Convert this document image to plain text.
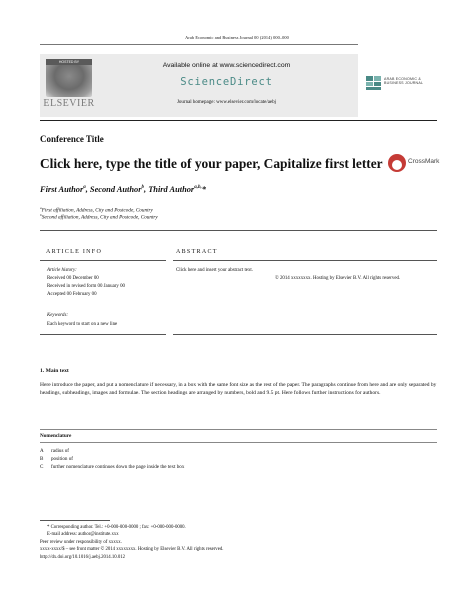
Arab Economic and Business Journal 00 (2014) 000–000
HOSTED BY
ELSEVIER
Available online at www.sciencedirect.com
ScienceDirect
Journal homepage: www.elsevier.com/locate/aebj
ARAB ECONOMIC &
BUSINESS JOURNAL
Conference Title
Click here, type the title of your paper, Capitalize first letter	CrossMark
First Author$^a$, Second Author$^b$, Third Author$^{a,b,}$*
$^a$First affiliation, Address, City and Postcode, Country
$^b$Second affiliation, Address, City and Postcode, Country
ARTICLE INFO	ABSTRACT
Article history:
Received 00 December 00
Received in revised form 00 January 00
Accepted 00 February 00
Click here and insert your abstract text.
© 2014 xxxxxxxx. Hosting by Elsevier B.V. All rights reserved.
Keywords:
Each keyword to start on a new line
1. Main text
Here introduce the paper, and put a nomenclature if necessary, in a box with the same font size as the rest of the paper. The paragraphs continue from here and are only separated by headings, subheadings, images and formulae. The section headings are arranged by numbers, bold and 9.5 pt. Here follows further instructions for authors.
Nomenclature
A radius of
B position of
C further nomenclature continues down the page inside the text box
* Corresponding author. Tel.: +0-000-000-0000 ; fax: +0-000-000-0000.
E-mail address: author@institute.xxx
Peer review under responsibility of xxxxx.
xxxx-xxxx/$ – see front matter © 2014 xxxxxxxx. Hosting by Elsevier B.V. All rights reserved.
http://dx.doi.org/10.1016/j.aebj.2014.10.012
